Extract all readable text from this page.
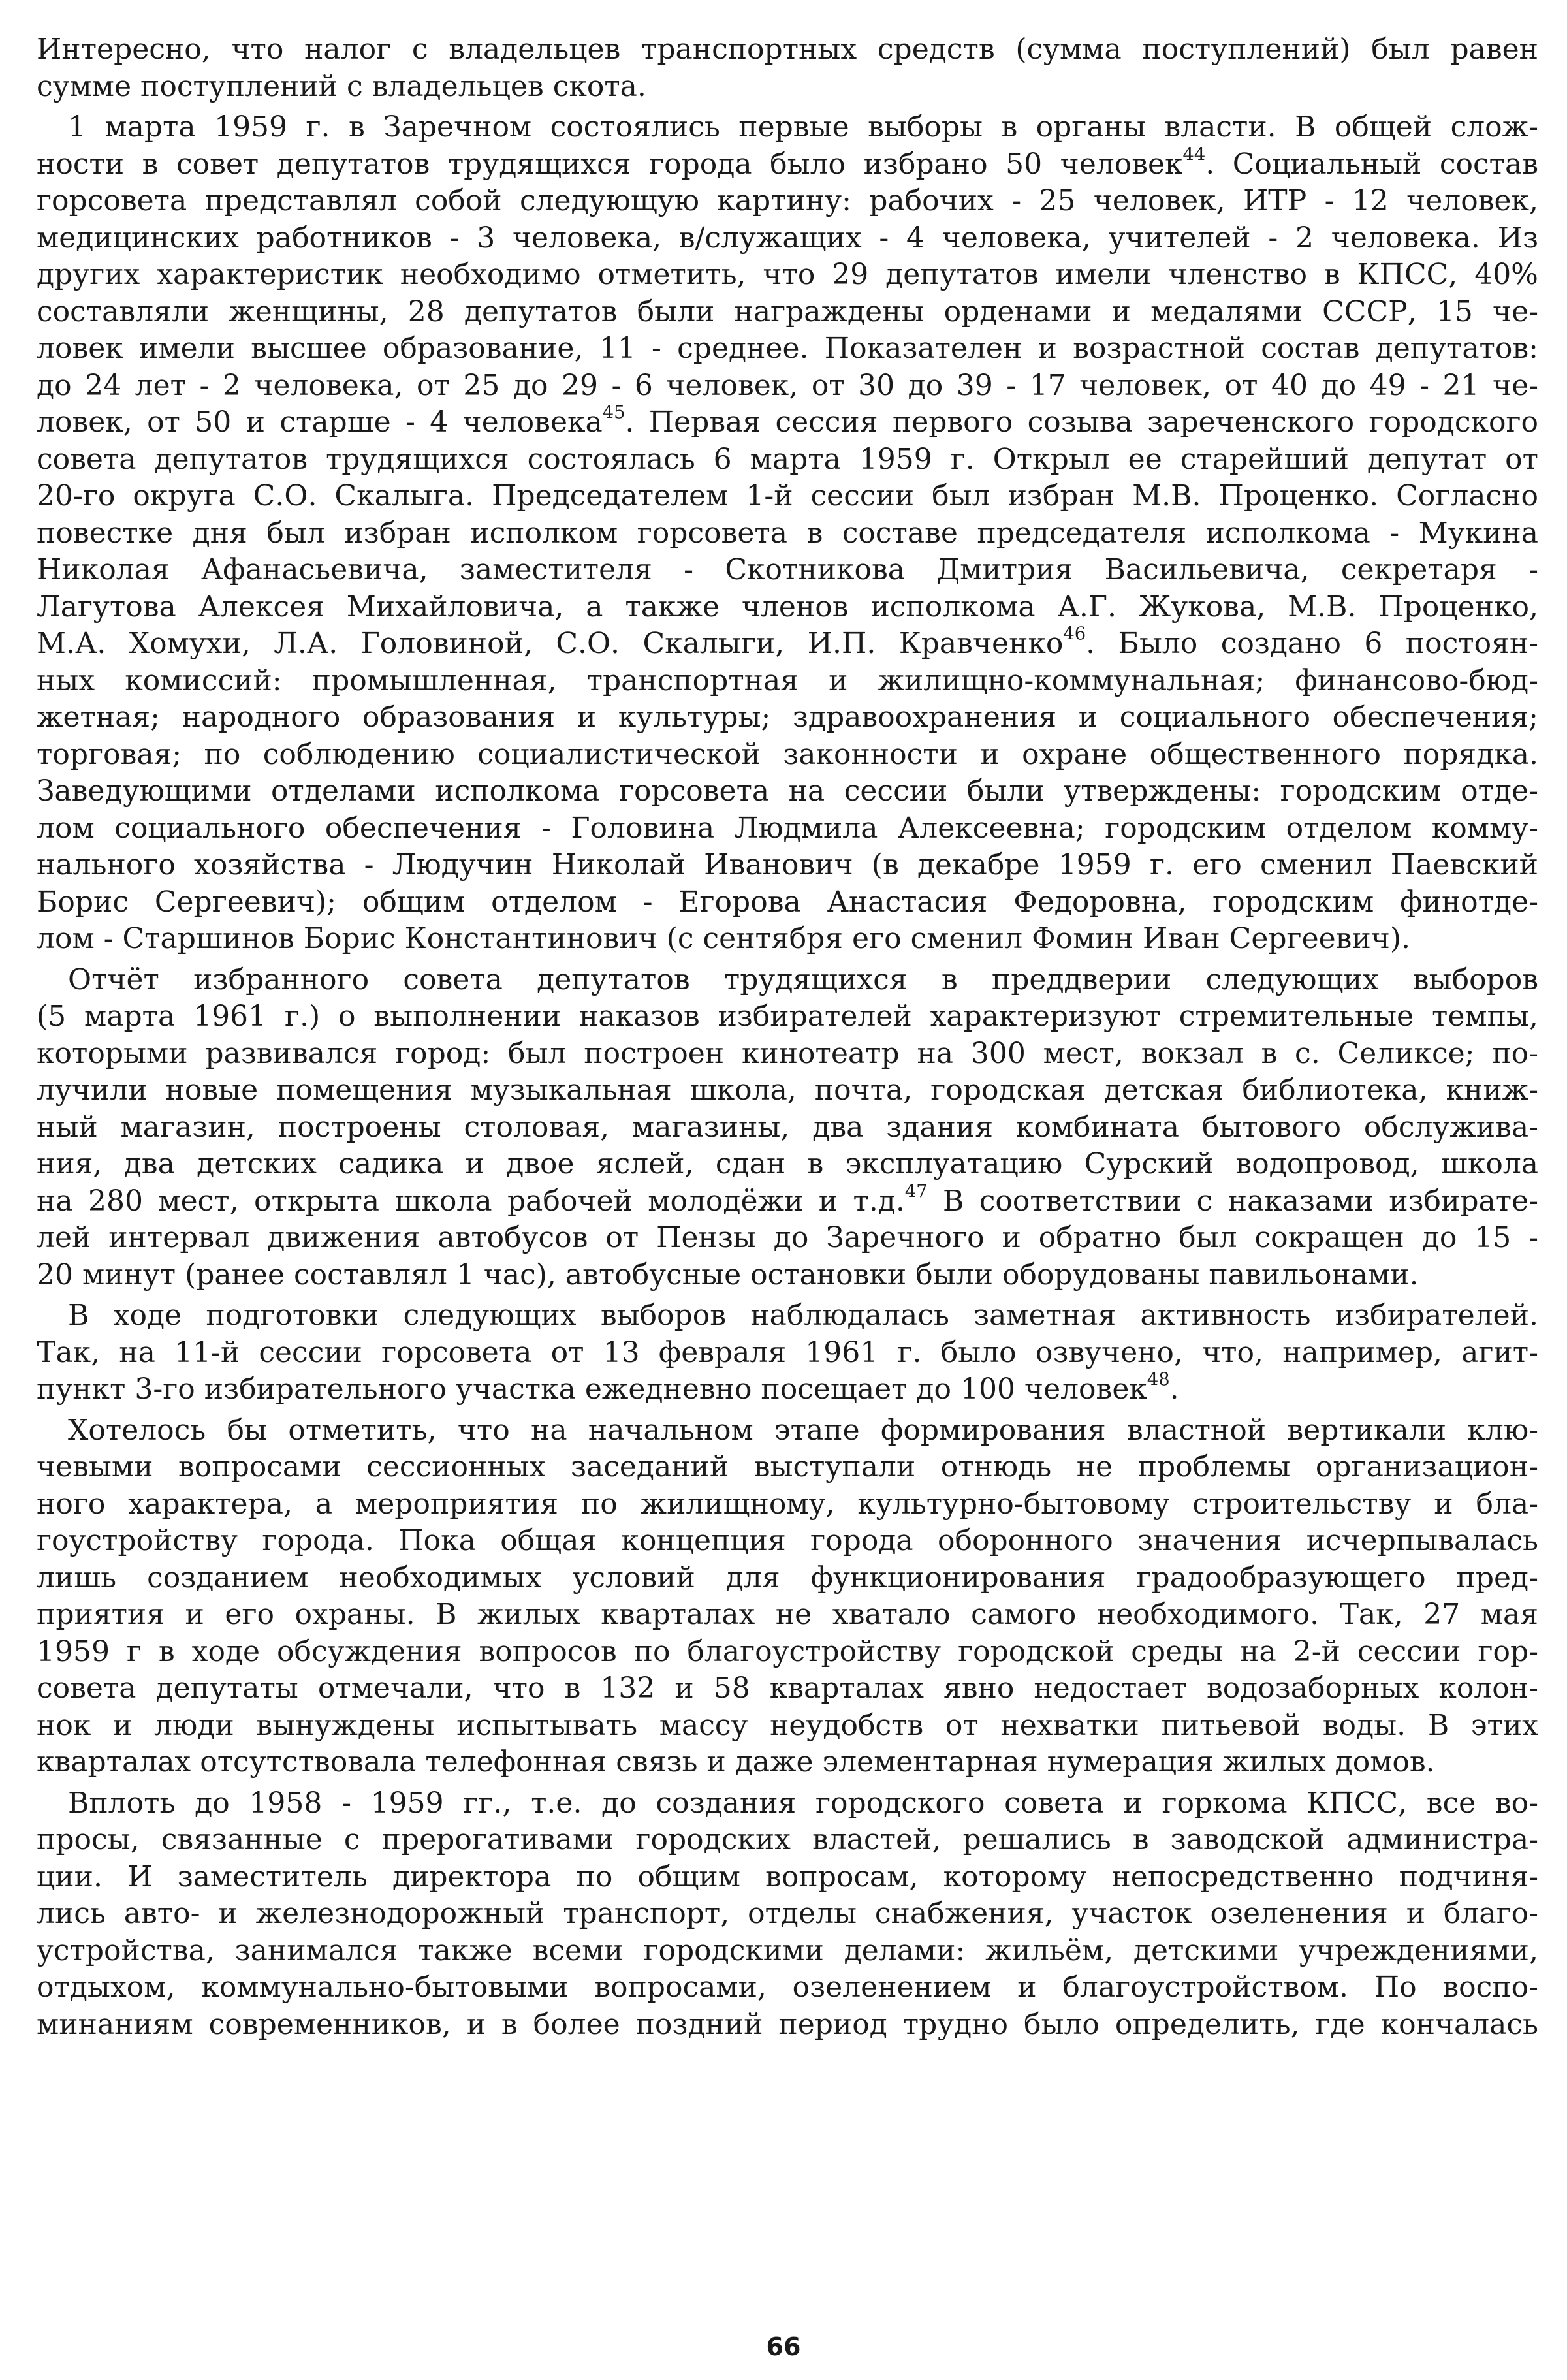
Интересно, что налог с владельцев транспортных средств (сумма поступлений) был равен
сумме поступлений с владельцев скота.
1 марта 1959 г. в Заречном состоялись первые выборы в органы власти. В общей слож-
ности в совет депутатов трудящихся города было избрано 50 человек$^{44}$. Социальный состав
горсовета представлял собой следующую картину: рабочих - 25 человек, ИТР - 12 человек,
медицинских работников - 3 человека, в/служащих - 4 человека, учителей - 2 человека. Из
других характеристик необходимо отметить, что 29 депутатов имели членство в КПСС, 40%
составляли женщины, 28 депутатов были награждены орденами и медалями СССР, 15 че-
ловек имели высшее образование, 11 - среднее. Показателен и возрастной состав депутатов:
до 24 лет - 2 человека, от 25 до 29 - 6 человек, от 30 до 39 - 17 человек, от 40 до 49 - 21 че-
ловек, от 50 и старше - 4 человека$^{45}$. Первая сессия первого созыва зареченского городского
совета депутатов трудящихся состоялась 6 марта 1959 г. Открыл ее старейший депутат от
20-го округа С.О. Скалыга. Председателем 1-й сессии был избран М.В. Проценко. Согласно
повестке дня был избран исполком горсовета в составе председателя исполкома - Мукина
Николая Афанасьевича, заместителя - Скотникова Дмитрия Васильевича, секретаря -
Лагутова Алексея Михайловича, а также членов исполкома А.Г. Жукова, М.В. Проценко,
М.А. Хомухи, Л.А. Головиной, С.О. Скалыги, И.П. Кравченко$^{46}$. Было создано 6 постоян-
ных комиссий: промышленная, транспортная и жилищно-коммунальная; финансово-бюд-
жетная; народного образования и культуры; здравоохранения и социального обеспечения;
торговая; по соблюдению социалистической законности и охране общественного порядка.
Заведующими отделами исполкома горсовета на сессии были утверждены: городским отде-
лом социального обеспечения - Головина Людмила Алексеевна; городским отделом комму-
нального хозяйства - Людучин Николай Иванович (в декабре 1959 г. его сменил Паевский
Борис Сергеевич); общим отделом - Егорова Анастасия Федоровна, городским финотде-
лом - Старшинов Борис Константинович (с сентября его сменил Фомин Иван Сергеевич).
Отчёт избранного совета депутатов трудящихся в преддверии следующих выборов
(5 марта 1961 г.) о выполнении наказов избирателей характеризуют стремительные темпы,
которыми развивался город: был построен кинотеатр на 300 мест, вокзал в с. Селиксе; по-
лучили новые помещения музыкальная школа, почта, городская детская библиотека, книж-
ный магазин, построены столовая, магазины, два здания комбината бытового обслужива-
ния, два детских садика и двое яслей, сдан в эксплуатацию Сурский водопровод, школа
на 280 мест, открыта школа рабочей молодёжи и т.д.$^{47}$ В соответствии с наказами избирате-
лей интервал движения автобусов от Пензы до Заречного и обратно был сокращен до 15 -
20 минут (ранее составлял 1 час), автобусные остановки были оборудованы павильонами.
В ходе подготовки следующих выборов наблюдалась заметная активность избирателей.
Так, на 11-й сессии горсовета от 13 февраля 1961 г. было озвучено, что, например, агит-
пункт 3-го избирательного участка ежедневно посещает до 100 человек$^{48}$.
Хотелось бы отметить, что на начальном этапе формирования властной вертикали клю-
чевыми вопросами сессионных заседаний выступали отнюдь не проблемы организацион-
ного характера, а мероприятия по жилищному, культурно-бытовому строительству и бла-
гоустройству города. Пока общая концепция города оборонного значения исчерпывалась
лишь созданием необходимых условий для функционирования градообразующего пред-
приятия и его охраны. В жилых кварталах не хватало самого необходимого. Так, 27 мая
1959 г в ходе обсуждения вопросов по благоустройству городской среды на 2-й сессии гор-
совета депутаты отмечали, что в 132 и 58 кварталах явно недостает водозаборных колон-
нок и люди вынуждены испытывать массу неудобств от нехватки питьевой воды. В этих
кварталах отсутствовала телефонная связь и даже элементарная нумерация жилых домов.
Вплоть до 1958 - 1959 гг., т.е. до создания городского совета и горкома КПСС, все во-
просы, связанные с прерогативами городских властей, решались в заводской администра-
ции. И заместитель директора по общим вопросам, которому непосредственно подчиня-
лись авто- и железнодорожный транспорт, отделы снабжения, участок озеленения и благо-
устройства, занимался также всеми городскими делами: жильём, детскими учреждениями,
отдыхом, коммунально-бытовыми вопросами, озеленением и благоустройством. По воспо-
минаниям современников, и в более поздний период трудно было определить, где кончалась
66
